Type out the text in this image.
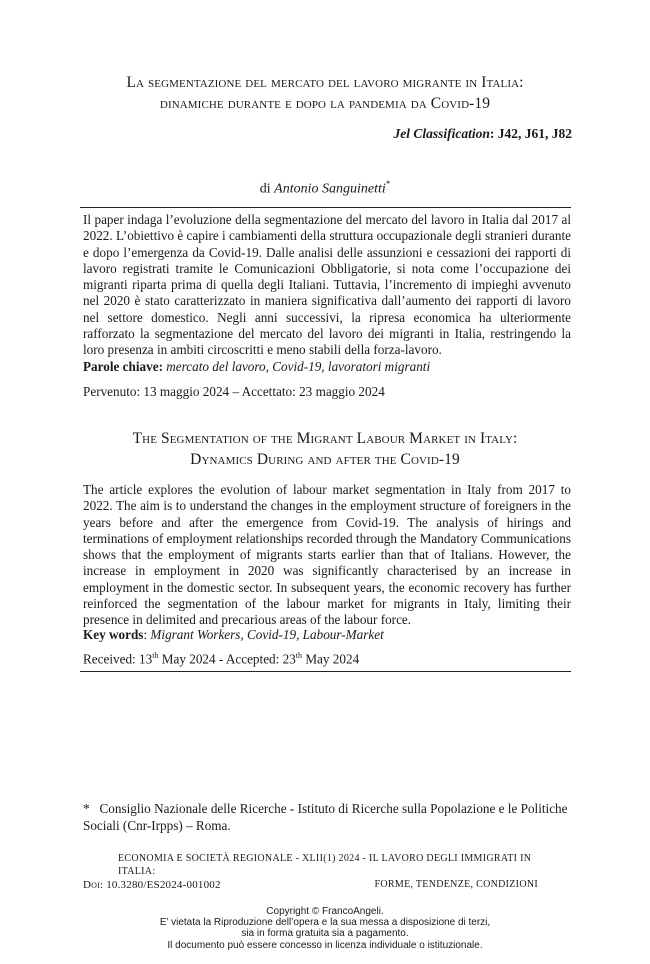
La segmentazione del mercato del lavoro migrante in Italia:
dinamiche durante e dopo la pandemia da Covid-19
Jel Classification: J42, J61, J82
di Antonio Sanguinetti*

Il paper indaga l’evoluzione della segmentazione del mercato del lavoro in Italia dal 2017 al 2022. L’obiettivo è capire i cambiamenti della struttura occupazionale degli stranieri durante e dopo l’emergenza da Covid-19. Dalle analisi delle assunzioni e cessazioni dei rapporti di lavoro registrati tramite le Comunicazioni Obbligatorie, si nota come l’occupazione dei migranti riparta prima di quella degli Italiani. Tuttavia, l’incremento di impieghi avvenuto nel 2020 è stato caratterizzato in maniera significativa dall’aumento dei rapporti di lavoro nel settore domestico. Negli anni successivi, la ripresa economica ha ulteriormente rafforzato la segmentazione del mercato del lavoro dei migranti in Italia, restringendo la loro presenza in ambiti circoscritti e meno stabili della forza-lavoro.

Parole chiave: mercato del lavoro, Covid-19, lavoratori migranti
Pervenuto: 13 maggio 2024 – Accettato: 23 maggio 2024
The Segmentation of the Migrant Labour Market in Italy:
Dynamics During and after the Covid-19

The article explores the evolution of labour market segmentation in Italy from 2017 to 2022. The aim is to understand the changes in the employment structure of foreigners in the years before and after the emergence from Covid-19. The analysis of hirings and terminations of employment relationships recorded through the Mandatory Communications shows that the employment of migrants starts earlier than that of Italians. However, the increase in employment in 2020 was significantly characterised by an increase in employment in the domestic sector. In subsequent years, the economic recovery has further reinforced the segmentation of the labour market for migrants in Italy, limiting their presence in delimited and precarious areas of the labour force.

Key words: Migrant Workers, Covid-19, Labour-Market
Received: 13th May 2024 - Accepted: 23th May 2024
* Consiglio Nazionale delle Ricerche - Istituto di Ricerche sulla Popolazione e le Politiche Sociali (Cnr-Irpps) – Roma.
ECONOMIA E SOCIETÀ REGIONALE - XLII(1) 2024 - IL LAVORO DEGLI IMMIGRATI IN ITALIA:
FORME, TENDENZE, CONDIZIONI
Doi: 10.3280/ES2024-001002
Copyright © FrancoAngeli.
E’ vietata la Riproduzione dell’opera e la sua messa a disposizione di terzi,
sia in forma gratuita sia a pagamento.
Il documento può essere concesso in licenza individuale o istituzionale.
